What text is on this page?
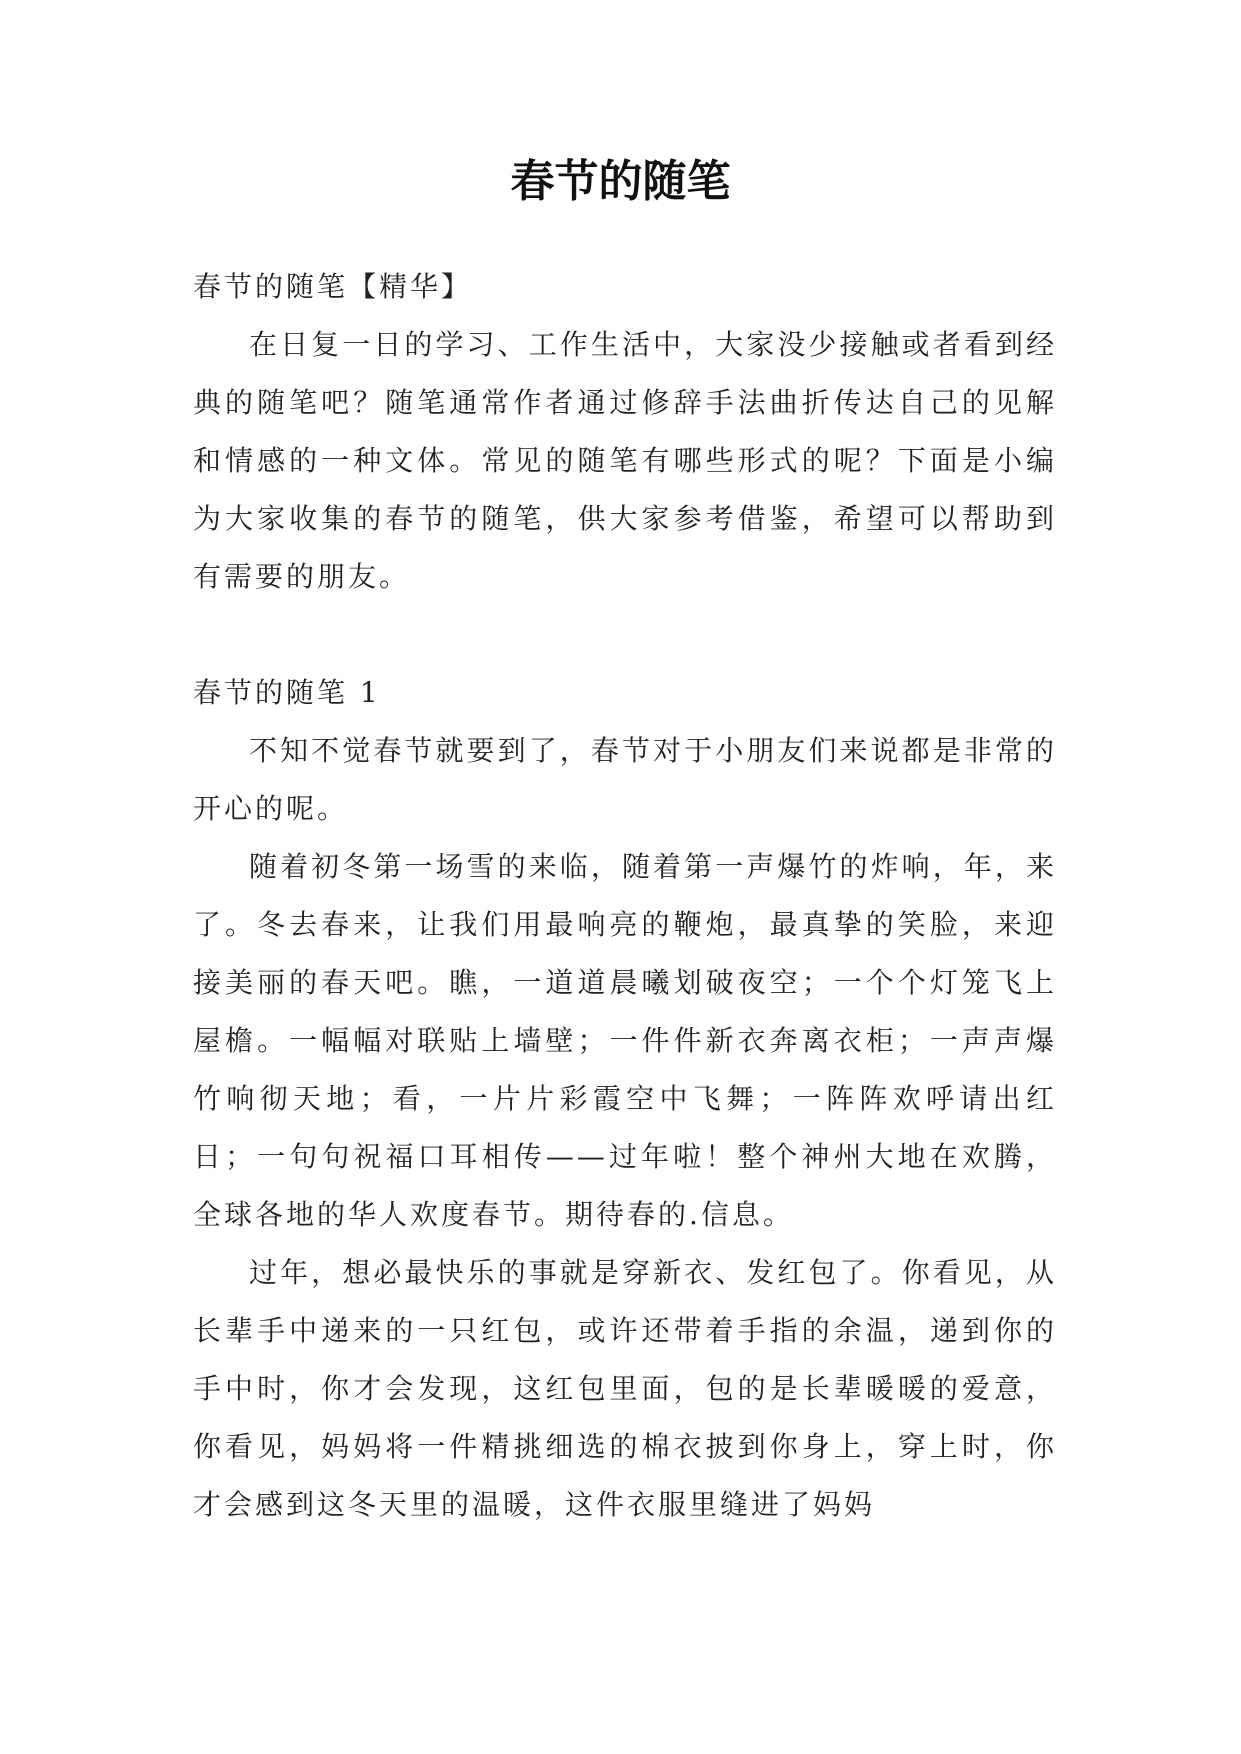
春节的随笔

春节的随笔【精华】

在日复一日的学习、工作生活中，大家没少接触或者看到经典的随笔吧？随笔通常作者通过修辞手法曲折传达自己的见解和情感的一种文体。常见的随笔有哪些形式的呢？下面是小编为大家收集的春节的随笔，供大家参考借鉴，希望可以帮助到有需要的朋友。

春节的随笔 1

不知不觉春节就要到了，春节对于小朋友们来说都是非常的开心的呢。

随着初冬第一场雪的来临，随着第一声爆竹的炸响，年，来了。冬去春来，让我们用最响亮的鞭炮，最真挚的笑脸，来迎接美丽的春天吧。瞧，一道道晨曦划破夜空；一个个灯笼飞上屋檐。一幅幅对联贴上墙壁；一件件新衣奔离衣柜；一声声爆竹响彻天地；看，一片片彩霞空中飞舞；一阵阵欢呼请出红日；一句句祝福口耳相传——过年啦！整个神州大地在欢腾，全球各地的华人欢度春节。期待春的.信息。

过年，想必最快乐的事就是穿新衣、发红包了。你看见，从长辈手中递来的一只红包，或许还带着手指的余温，递到你的手中时，你才会发现，这红包里面，包的是长辈暖暖的爱意，你看见，妈妈将一件精挑细选的棉衣披到你身上，穿上时，你才会感到这冬天里的温暖，这件衣服里缝进了妈妈
